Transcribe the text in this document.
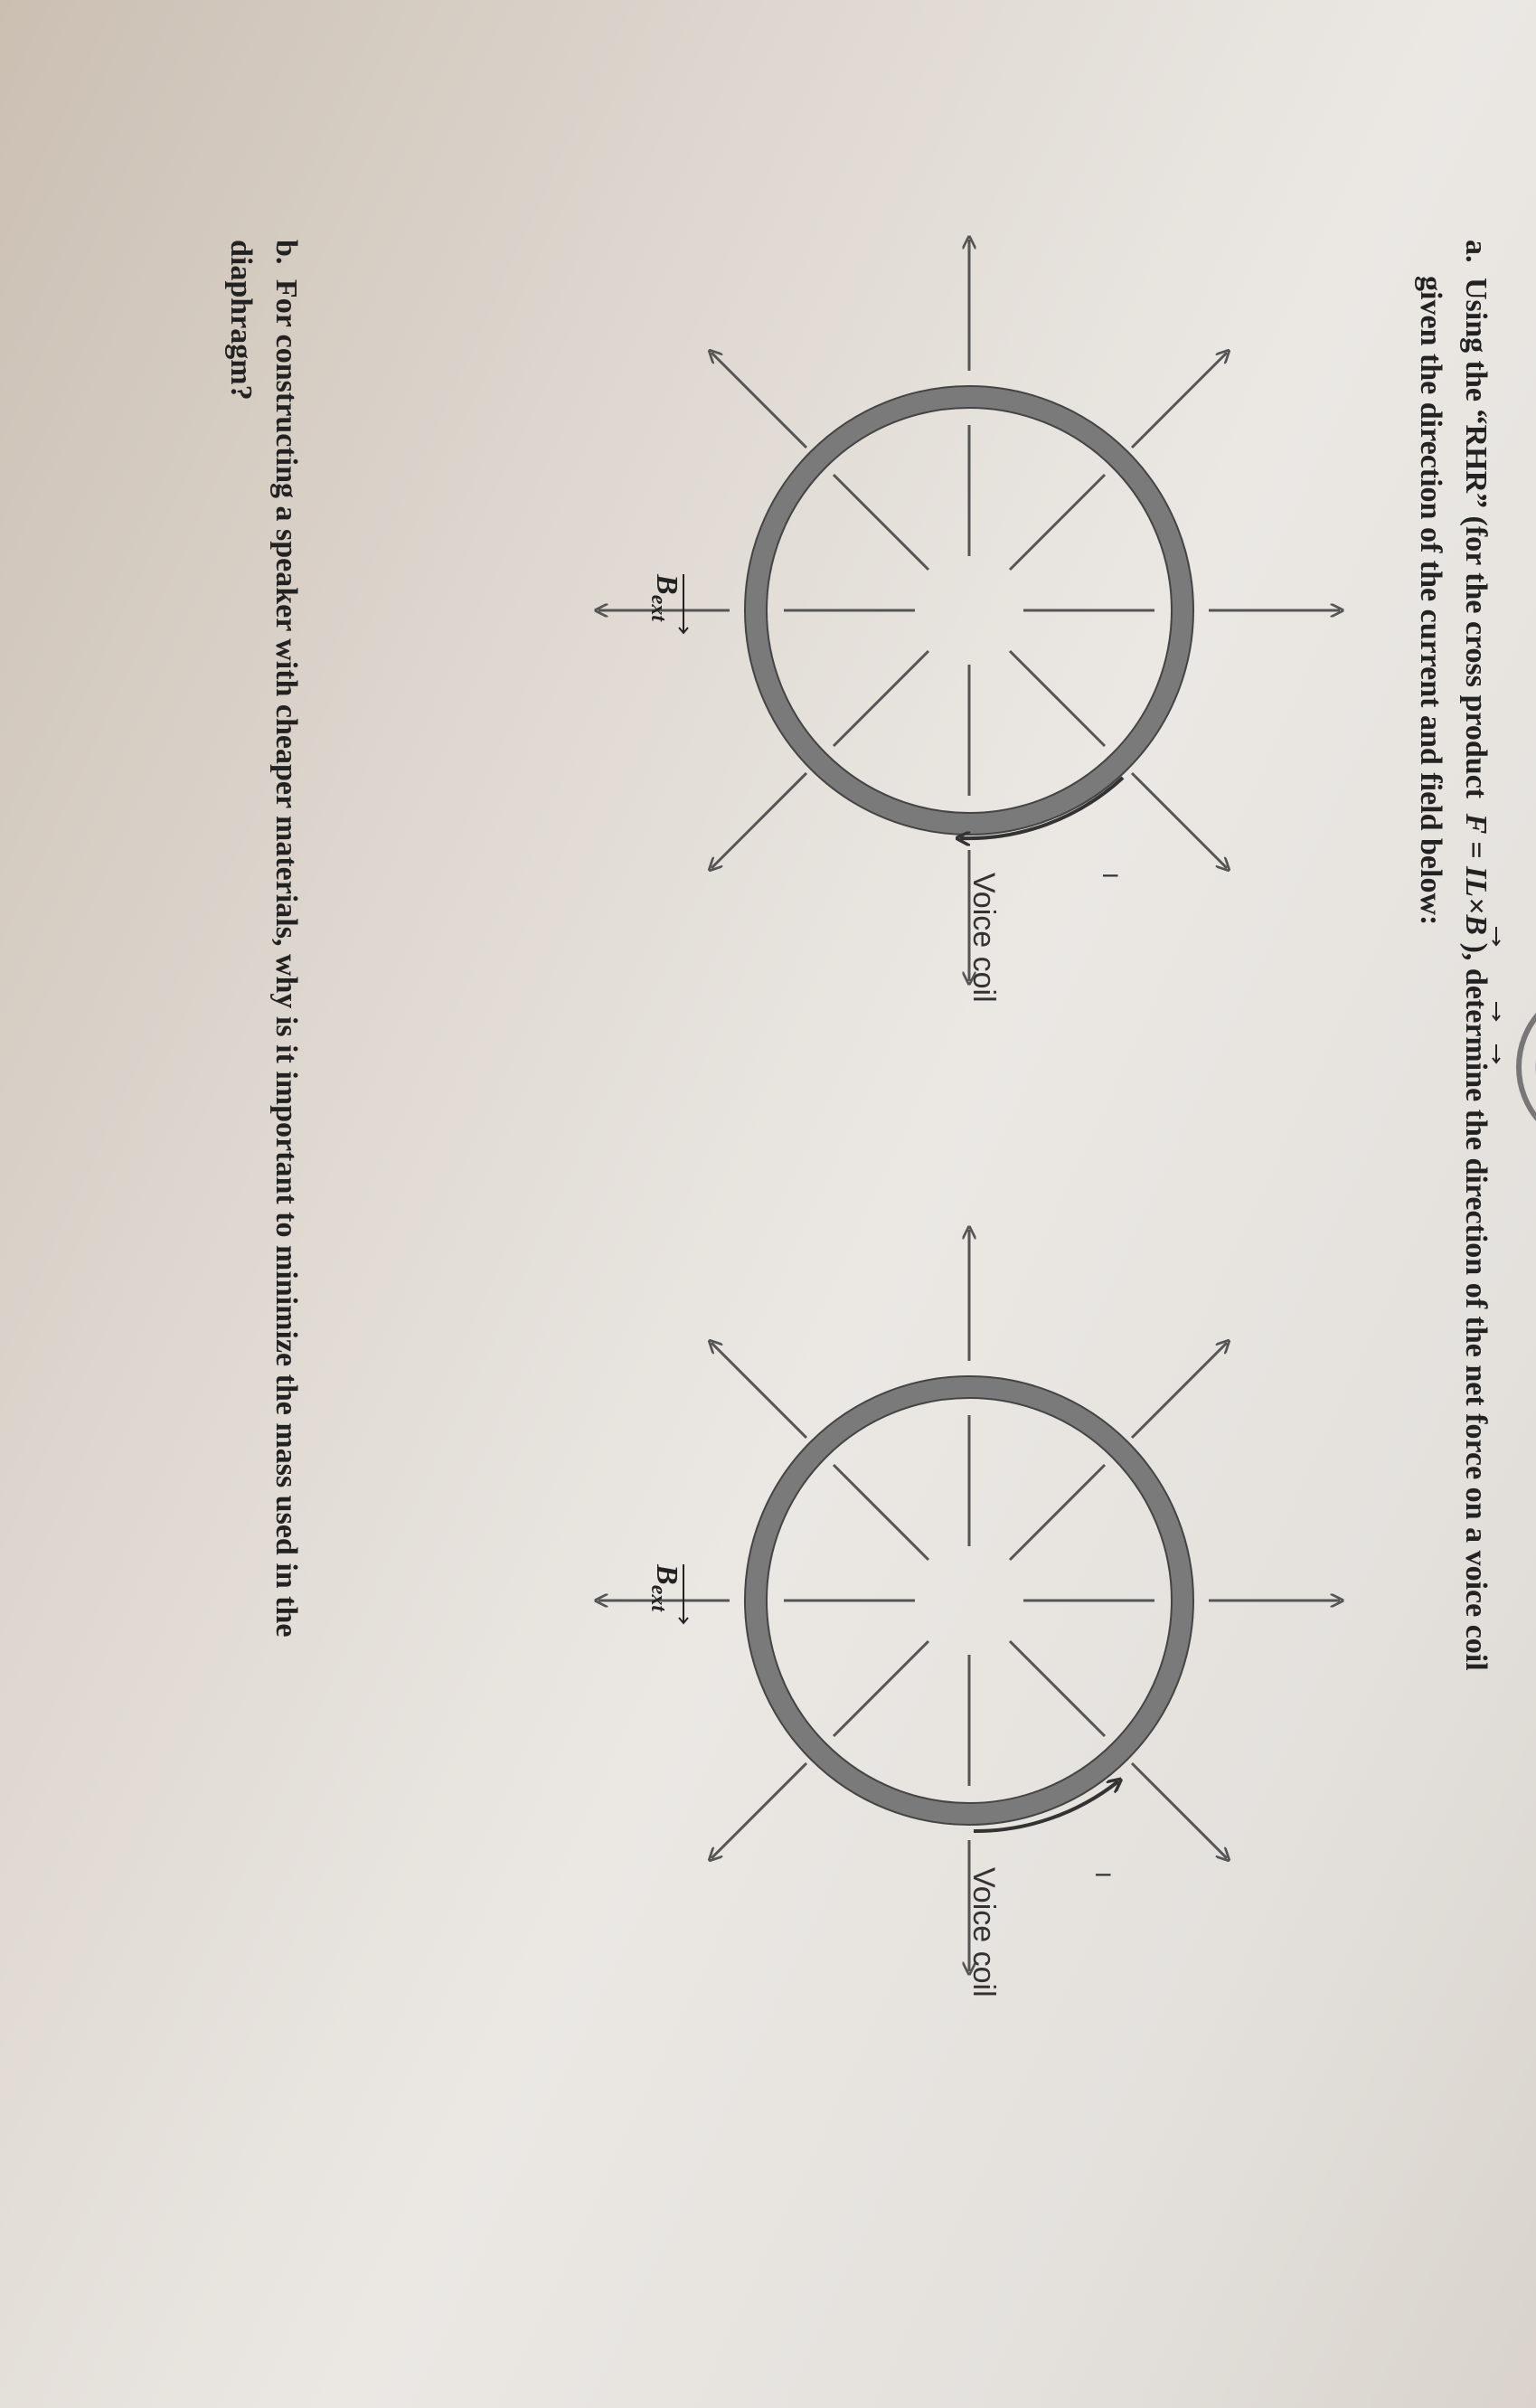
a. Using the “RHR” (for the cross product F = IL×B ), determine the direction of the net force on a voice coil
given the direction of the current and field below:
I
Voice coil
Bext
I
Voice coil
Bext
b. For constructing a speaker with cheaper materials, why is it important to minimize the mass used in the
diaphragm?
